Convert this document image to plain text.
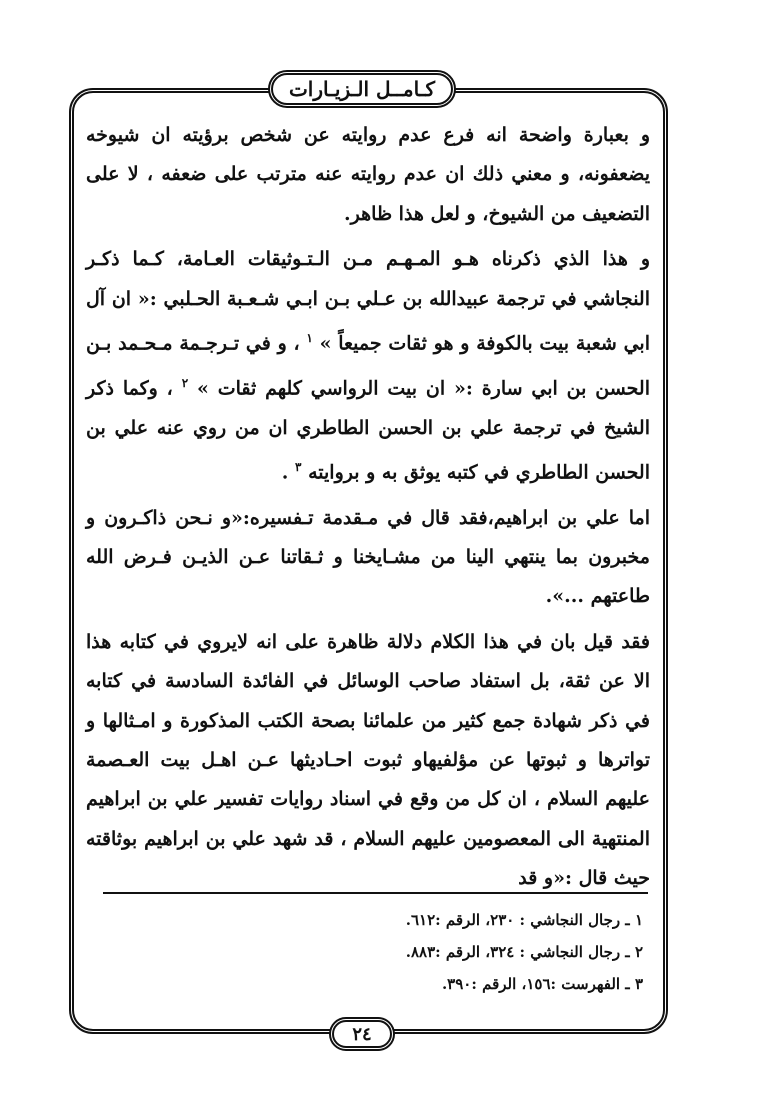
كـامــل الـزيـارات

و بعبارة واضحة انه فرع عدم روايته عن شخص برؤيته ان شيوخه يضعفونه، و معني ذلك ان عدم روايته عنه مترتب على ضعفه ، لا على التضعيف من الشيوخ، و لعل هذا ظاهر.

و هذا الذي ذكرناه هـو المـهـم مـن الـتـوثيقات العـامة، كـما ذكـر النجاشي في ترجمة عبيدالله بن عـلي بـن ابـي شـعـبة الحـلبي :« ان آل ابي شعبة بيت بالكوفة و هو ثقات جميعاً » $^١$ ، و في تـرجـمة مـحـمد بـن الحسن بن ابي سارة :« ان بيت الرواسي كلهم ثقات » $^٢$ ، وكما ذكر الشيخ في ترجمة علي بن الحسن الطاطري ان من روي عنه علي بن الحسن الطاطري في كتبه يوثق به و بروايته $^٣$ .

اما علي بن ابراهيم،فقد قال في مـقدمة تـفسيره:«و نـحن ذاكـرون و مخبرون بما ينتهي الينا من مشـايخنا و ثـقاتنا عـن الذيـن فـرض الله طاعتهم ...».

فقد قيل بان في هذا الكلام دلالة ظاهرة على انه لايروي في كتابه هذا الا عن ثقة، بل استفاد صاحب الوسائل في الفائدة السادسة في كتابه في ذكر شهادة جمع كثير من علمائنا بصحة الكتب المذكورة و امـثالها و تواترها و ثبوتها عن مؤلفيهاو ثبوت احـاديثها عـن اهـل بيت العـصمة عليهم السلام ، ان كل من وقع في اسناد روايات تفسير علي بن ابراهيم المنتهية الى المعصومين عليهم السلام ، قد شهد علي بن ابراهيم بوثاقته حيث قال :«و قد

١ ـ رجال النجاشي : ٢٣٠، الرقم :٦١٢.
٢ ـ رجال النجاشي : ٣٢٤، الرقم :٨٨٣.
٣ ـ الفهرست :١٥٦، الرقم :٣٩٠.
٢٤
